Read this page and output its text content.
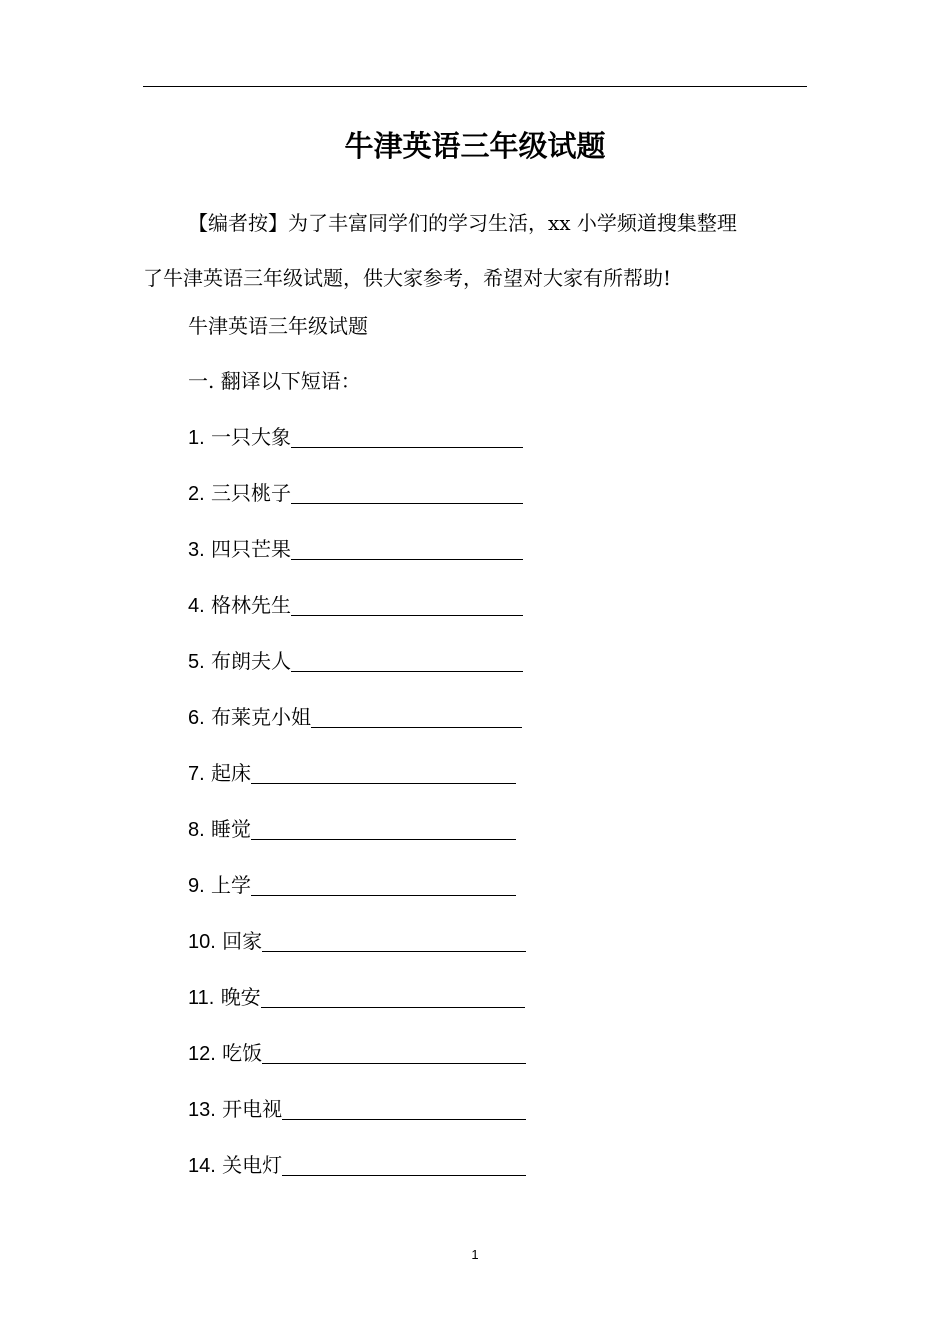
牛津英语三年级试题
【编者按】为了丰富同学们的学习生活，xx 小学频道搜集整理
了牛津英语三年级试题，供大家参考，希望对大家有所帮助!
牛津英语三年级试题
一. 翻译以下短语：
1. 一只大象
2. 三只桃子
3. 四只芒果
4. 格林先生
5. 布朗夫人
6. 布莱克小姐
7. 起床
8. 睡觉
9. 上学
10. 回家
11. 晚安
12. 吃饭
13. 开电视
14. 关电灯
1
